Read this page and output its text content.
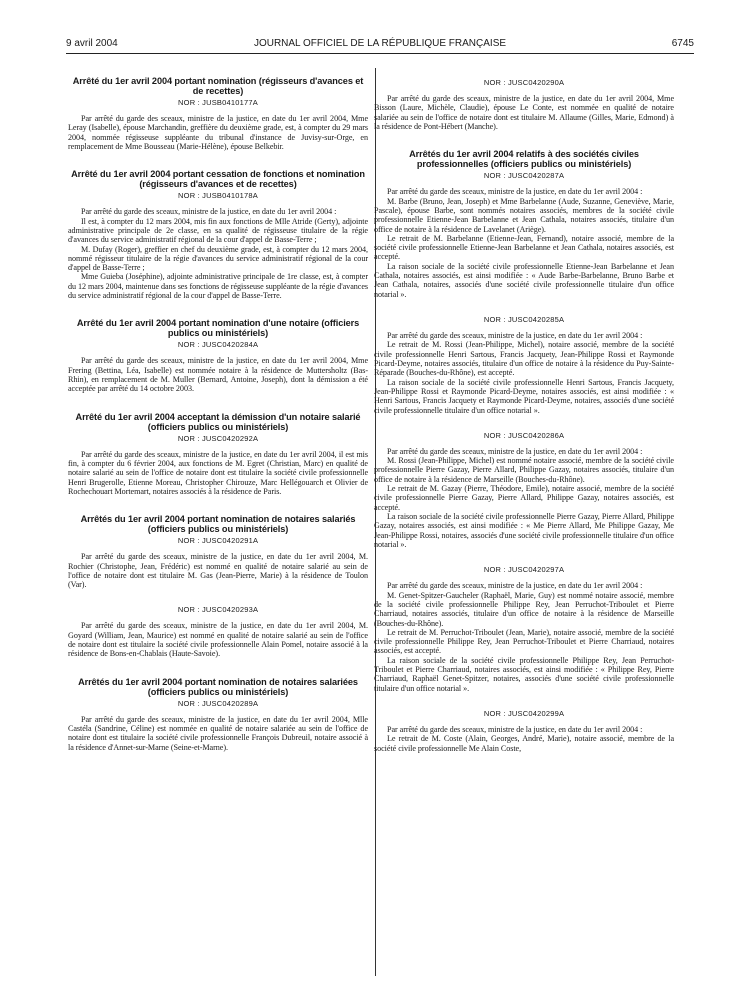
9 avril 2004	JOURNAL OFFICIEL DE LA RÉPUBLIQUE FRANÇAISE	6745
Arrêté du 1er avril 2004 portant nomination (régisseurs d'avances et de recettes)
NOR : JUSB0410177A

Par arrêté du garde des sceaux, ministre de la justice, en date du 1er avril 2004, Mme Leray (Isabelle), épouse Marchandin, greffière du deuxième grade, est, à compter du 29 mars 2004, nommée régisseuse suppléante du tribunal d'instance de Juvisy-sur-Orge, en remplacement de Mme Bousseau (Marie-Hélène), épouse Belkebir.

Arrêté du 1er avril 2004 portant cessation de fonctions et nomination (régisseurs d'avances et de recettes)
NOR : JUSB0410178A

Par arrêté du garde des sceaux, ministre de la justice, en date du 1er avril 2004 :

Il est, à compter du 12 mars 2004, mis fin aux fonctions de Mlle Atride (Gerty), adjointe administrative principale de 2e classe, en sa qualité de régisseuse titulaire de la régie d'avances du service administratif régional de la cour d'appel de Basse-Terre ;

M. Dufay (Roger), greffier en chef du deuxième grade, est, à compter du 12 mars 2004, nommé régisseur titulaire de la régie d'avances du service administratif régional de la cour d'appel de Basse-Terre ;

Mme Guieba (Joséphine), adjointe administrative principale de 1re classe, est, à compter du 12 mars 2004, maintenue dans ses fonctions de régisseuse suppléante de la régie d'avances du service administratif régional de la cour d'appel de Basse-Terre.

Arrêté du 1er avril 2004 portant nomination d'une notaire (officiers publics ou ministériels)
NOR : JUSC0420284A

Par arrêté du garde des sceaux, ministre de la justice, en date du 1er avril 2004, Mme Frering (Bettina, Léa, Isabelle) est nommée notaire à la résidence de Muttersholtz (Bas-Rhin), en remplacement de M. Muller (Bernard, Antoine, Joseph), dont la démission a été acceptée par arrêté du 14 octobre 2003.

Arrêté du 1er avril 2004 acceptant la démission d'un notaire salarié (officiers publics ou ministériels)
NOR : JUSC0420292A

Par arrêté du garde des sceaux, ministre de la justice, en date du 1er avril 2004, il est mis fin, à compter du 6 février 2004, aux fonctions de M. Egret (Christian, Marc) en qualité de notaire salarié au sein de l'office de notaire dont est titulaire la société civile professionnelle Henri Brugerolle, Etienne Moreau, Christopher Chirouze, Marc Hellégouarch et Olivier de Rochechouart Mortemart, notaires associés à la résidence de Paris.

Arrêtés du 1er avril 2004 portant nomination de notaires salariés (officiers publics ou ministériels)
NOR : JUSC0420291A

Par arrêté du garde des sceaux, ministre de la justice, en date du 1er avril 2004, M. Rochier (Christophe, Jean, Frédéric) est nommé en qualité de notaire salarié au sein de l'office de notaire dont est titulaire M. Gas (Jean-Pierre, Marie) à la résidence de Toulon (Var).

NOR : JUSC0420293A

Par arrêté du garde des sceaux, ministre de la justice, en date du 1er avril 2004, M. Goyard (William, Jean, Maurice) est nommé en qualité de notaire salarié au sein de l'office de notaire dont est titulaire la société civile professionnelle Alain Pomel, notaire associé à la résidence de Bons-en-Chablais (Haute-Savoie).

Arrêtés du 1er avril 2004 portant nomination de notaires salariées (officiers publics ou ministériels)
NOR : JUSC0420289A

Par arrêté du garde des sceaux, ministre de la justice, en date du 1er avril 2004, Mlle Castéla (Sandrine, Céline) est nommée en qualité de notaire salariée au sein de l'office de notaire dont est titulaire la société civile professionnelle François Dubreuil, notaire associé à la résidence d'Annet-sur-Marne (Seine-et-Marne).

NOR : JUSC0420290A

Par arrêté du garde des sceaux, ministre de la justice, en date du 1er avril 2004, Mme Bisson (Laure, Michèle, Claudie), épouse Le Conte, est nommée en qualité de notaire salariée au sein de l'office de notaire dont est titulaire M. Allaume (Gilles, Marie, Edmond) à la résidence de Pont-Hébert (Manche).

Arrêtés du 1er avril 2004 relatifs à des sociétés civiles professionnelles (officiers publics ou ministériels)
NOR : JUSC0420287A

Par arrêté du garde des sceaux, ministre de la justice, en date du 1er avril 2004 :

M. Barbe (Bruno, Jean, Joseph) et Mme Barbelanne (Aude, Suzanne, Geneviève, Marie, Pascale), épouse Barbe, sont nommés notaires associés, membres de la société civile professionnelle Etienne-Jean Barbelanne et Jean Cathala, notaires associés, titulaire d'un office de notaire à la résidence de Lavelanet (Ariège).

Le retrait de M. Barbelanne (Etienne-Jean, Fernand), notaire associé, membre de la société civile professionnelle Etienne-Jean Barbelanne et Jean Cathala, notaires associés, est accepté.

La raison sociale de la société civile professionnelle Etienne-Jean Barbelanne et Jean Cathala, notaires associés, est ainsi modifiée : « Aude Barbe-Barbelanne, Bruno Barbe et Jean Cathala, notaires, associés d'une société civile professionnelle titulaire d'un office notarial ».

NOR : JUSC0420285A

Par arrêté du garde des sceaux, ministre de la justice, en date du 1er avril 2004 :

Le retrait de M. Rossi (Jean-Philippe, Michel), notaire associé, membre de la société civile professionnelle Henri Sartous, Francis Jacquety, Jean-Philippe Rossi et Raymonde Picard-Deyme, notaires associés, titulaire d'un office de notaire à la résidence du Puy-Sainte-Réparade (Bouches-du-Rhône), est accepté.

La raison sociale de la société civile professionnelle Henri Sartous, Francis Jacquety, Jean-Philippe Rossi et Raymonde Picard-Deyme, notaires associés, est ainsi modifiée : « Henri Sartous, Francis Jacquety et Raymonde Picard-Deyme, notaires, associés d'une société civile professionnelle titulaire d'un office notarial ».

NOR : JUSC0420286A

Par arrêté du garde des sceaux, ministre de la justice, en date du 1er avril 2004 :

M. Rossi (Jean-Philippe, Michel) est nommé notaire associé, membre de la société civile professionnelle Pierre Gazay, Pierre Allard, Philippe Gazay, notaires associés, titulaire d'un office de notaire à la résidence de Marseille (Bouches-du-Rhône).

Le retrait de M. Gazay (Pierre, Théodore, Emile), notaire associé, membre de la société civile professionnelle Pierre Gazay, Pierre Allard, Philippe Gazay, notaires associés, est accepté.

La raison sociale de la société civile professionnelle Pierre Gazay, Pierre Allard, Philippe Gazay, notaires associés, est ainsi modifiée : « Me Pierre Allard, Me Philippe Gazay, Me Jean-Philippe Rossi, notaires, associés d'une société civile professionnelle titulaire d'un office notarial ».

NOR : JUSC0420297A

Par arrêté du garde des sceaux, ministre de la justice, en date du 1er avril 2004 :

M. Genet-Spitzer-Gaucheler (Raphaël, Marie, Guy) est nommé notaire associé, membre de la société civile professionnelle Philippe Rey, Jean Perruchot-Triboulet et Pierre Charriaud, notaires associés, titulaire d'un office de notaire à la résidence de Marseille (Bouches-du-Rhône).

Le retrait de M. Perruchot-Triboulet (Jean, Marie), notaire associé, membre de la société civile professionnelle Philippe Rey, Jean Perruchot-Triboulet et Pierre Charriaud, notaires associés, est accepté.

La raison sociale de la société civile professionnelle Philippe Rey, Jean Perruchot-Triboulet et Pierre Charriaud, notaires associés, est ainsi modifiée : « Philippe Rey, Pierre Charriaud, Raphaël Genet-Spitzer, notaires, associés d'une société civile professionnelle titulaire d'un office notarial ».

NOR : JUSC0420299A

Par arrêté du garde des sceaux, ministre de la justice, en date du 1er avril 2004 :

Le retrait de M. Coste (Alain, Georges, André, Marie), notaire associé, membre de la société civile professionnelle Me Alain Coste,
